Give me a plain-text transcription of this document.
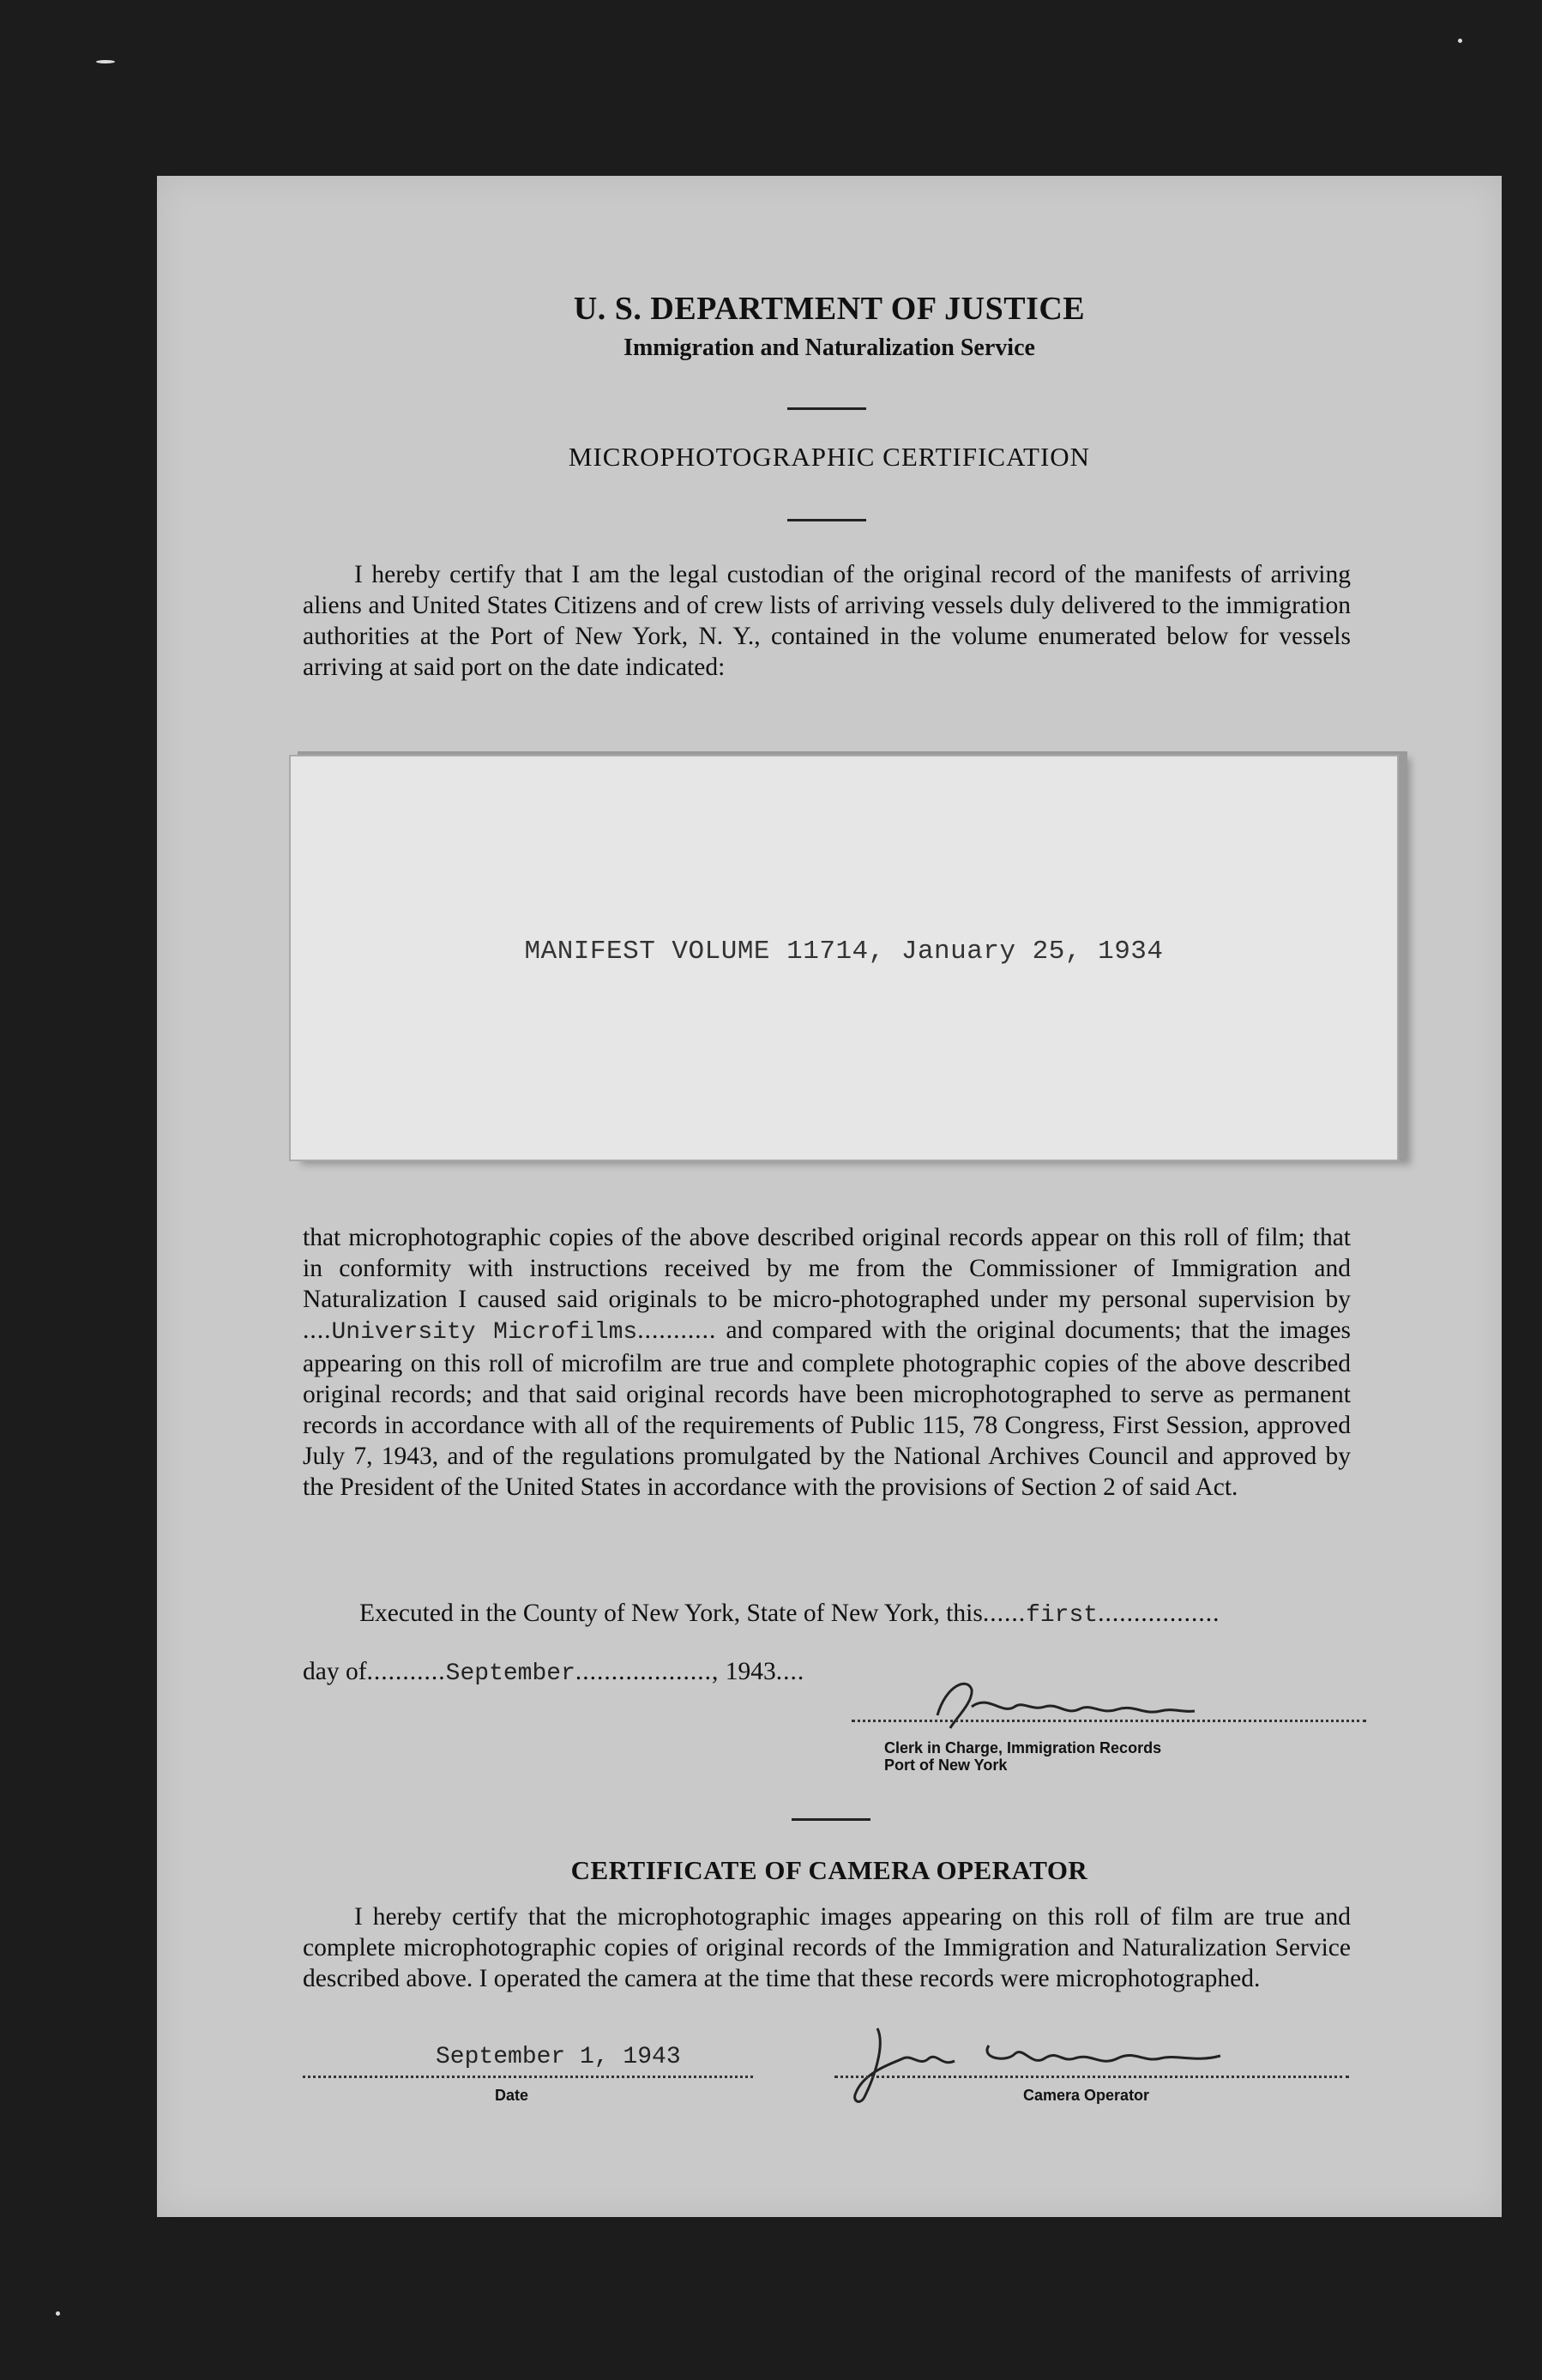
U. S. DEPARTMENT OF JUSTICE
Immigration and Naturalization Service
MICROPHOTOGRAPHIC CERTIFICATION
I hereby certify that I am the legal custodian of the original record of the manifests of arriving aliens and United States Citizens and of crew lists of arriving vessels duly delivered to the immigration authorities at the Port of New York, N. Y., contained in the volume enumerated below for vessels arriving at said port on the date indicated:
MANIFEST VOLUME 11714, January 25, 1934
that microphotographic copies of the above described original records appear on this roll of film; that in conformity with instructions received by me from the Commissioner of Immigration and Naturalization I caused said originals to be micro-photographed under my personal supervision by ....University Microfilms........... and compared with the original documents; that the images appearing on this roll of microfilm are true and complete photographic copies of the above described original records; and that said original records have been microphotographed to serve as permanent records in accordance with all of the requirements of Public 115, 78 Congress, First Session, approved July 7, 1943, and of the regulations promulgated by the National Archives Council and approved by the President of the United States in accordance with the provisions of Section 2 of said Act.
Executed in the County of New York, State of New York, this......first.................
day of...........September..................., 1943....
Clerk in Charge, Immigration Records
Port of New York
CERTIFICATE OF CAMERA OPERATOR
I hereby certify that the microphotographic images appearing on this roll of film are true and complete microphotographic copies of original records of the Immigration and Naturalization Service described above. I operated the camera at the time that these records were microphotographed.
September 1, 1943
Date	Camera Operator
